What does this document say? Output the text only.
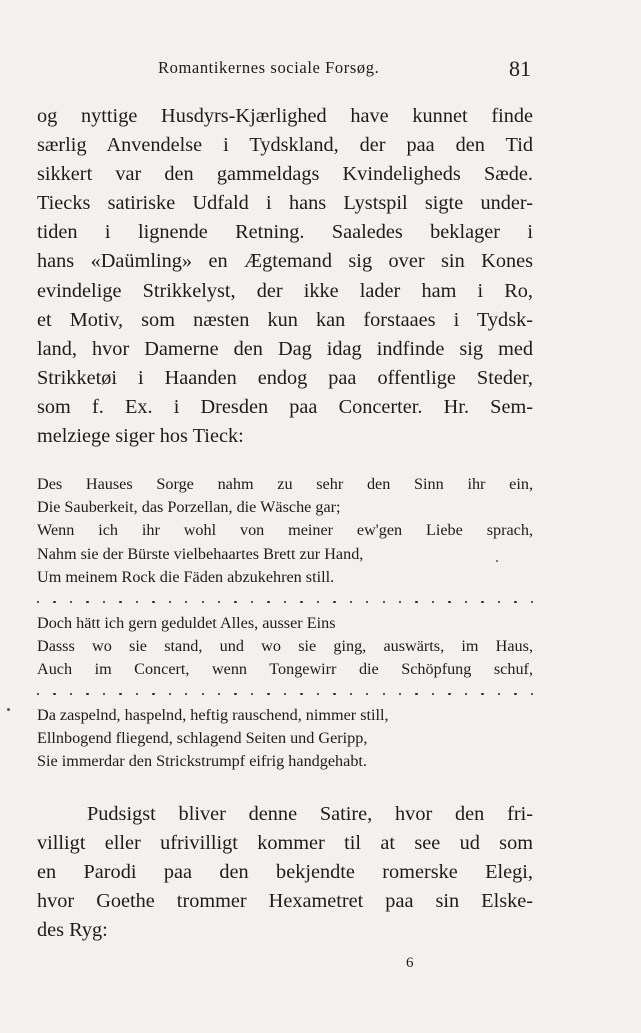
Romantikernes sociale Forsøg.	81
og nyttige Husdyrs-Kjærlighed have kunnet finde
særlig Anvendelse i Tydskland, der paa den Tid
sikkert var den gammeldags Kvindeligheds Sæde.
Tiecks satiriske Udfald i hans Lystspil sigte under-
tiden i lignende Retning. Saaledes beklager i
hans «Daümling» en Ægtemand sig over sin Kones
evindelige Strikkelyst, der ikke lader ham i Ro,
et Motiv, som næsten kun kan forstaaes i Tydsk-
land, hvor Damerne den Dag idag indfinde sig med
Strikketøi i Haanden endog paa offentlige Steder,
som f. Ex. i Dresden paa Concerter. Hr. Sem-
melziege siger hos Tieck:
Des Hauses Sorge nahm zu sehr den Sinn ihr ein,
Die Sauberkeit, das Porzellan, die Wäsche gar;
Wenn ich ihr wohl von meiner ew'gen Liebe sprach,
Nahm sie der Bürste vielbehaartes Brett zur Hand,
Um meinem Rock die Fäden abzukehren still.
Doch hätt ich gern geduldet Alles, ausser Eins
Dasss wo sie stand, und wo sie ging, auswärts, im Haus,
Auch im Concert, wenn Tongewirr die Schöpfung schuf,
Da zaspelnd, haspelnd, heftig rauschend, nimmer still,
Ellnbogend fliegend, schlagend Seiten und Geripp,
Sie immerdar den Strickstrumpf eifrig handgehabt.
Pudsigst bliver denne Satire, hvor den fri-
villigt eller ufrivilligt kommer til at see ud som
en Parodi paa den bekjendte romerske Elegi,
hvor Goethe trommer Hexametret paa sin Elske-
des Ryg:
6
